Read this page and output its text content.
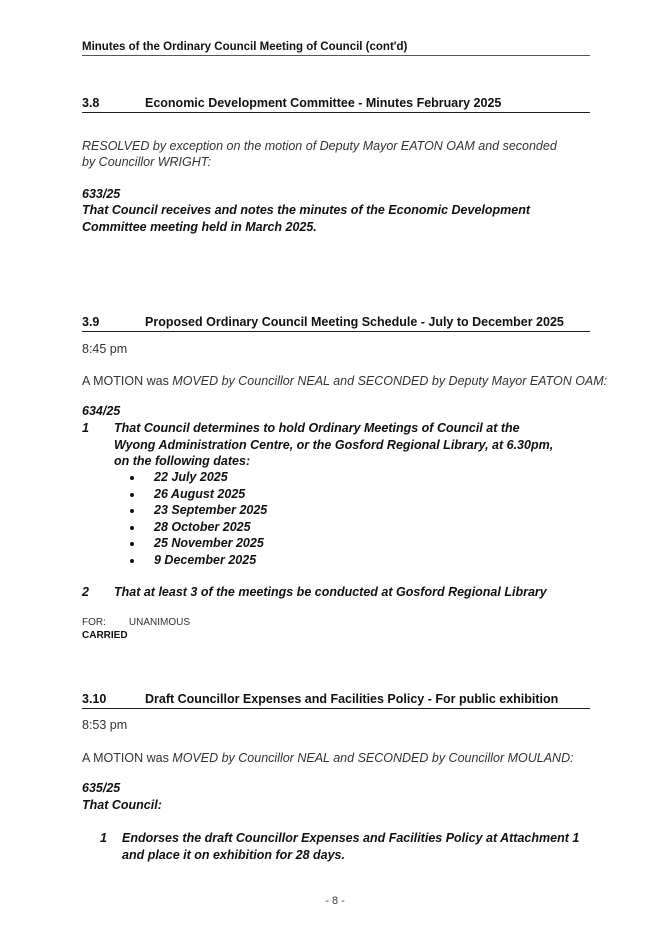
Minutes of the Ordinary Council Meeting of Council (cont'd)
3.8	Economic Development Committee - Minutes February 2025
RESOLVED by exception on the motion of Deputy Mayor EATON OAM and seconded by Councillor WRIGHT:
633/25
That Council receives and notes the minutes of the Economic Development Committee meeting held in March 2025.
3.9	Proposed Ordinary Council Meeting Schedule - July to December 2025
8:45 pm
A MOTION was MOVED by Councillor NEAL and SECONDED by Deputy Mayor EATON OAM:
634/25
1 That Council determines to hold Ordinary Meetings of Council at the Wyong Administration Centre, or the Gosford Regional Library, at 6.30pm, on the following dates:
22 July 2025
26 August 2025
23 September 2025
28 October 2025
25 November 2025
9 December 2025
2 That at least 3 of the meetings be conducted at Gosford Regional Library
FOR: UNANIMOUS
CARRIED
3.10	Draft Councillor Expenses and Facilities Policy - For public exhibition
8:53 pm
A MOTION was MOVED by Councillor NEAL and SECONDED by Councillor MOULAND:
635/25
That Council:
1 Endorses the draft Councillor Expenses and Facilities Policy at Attachment 1 and place it on exhibition for 28 days.
- 8 -
